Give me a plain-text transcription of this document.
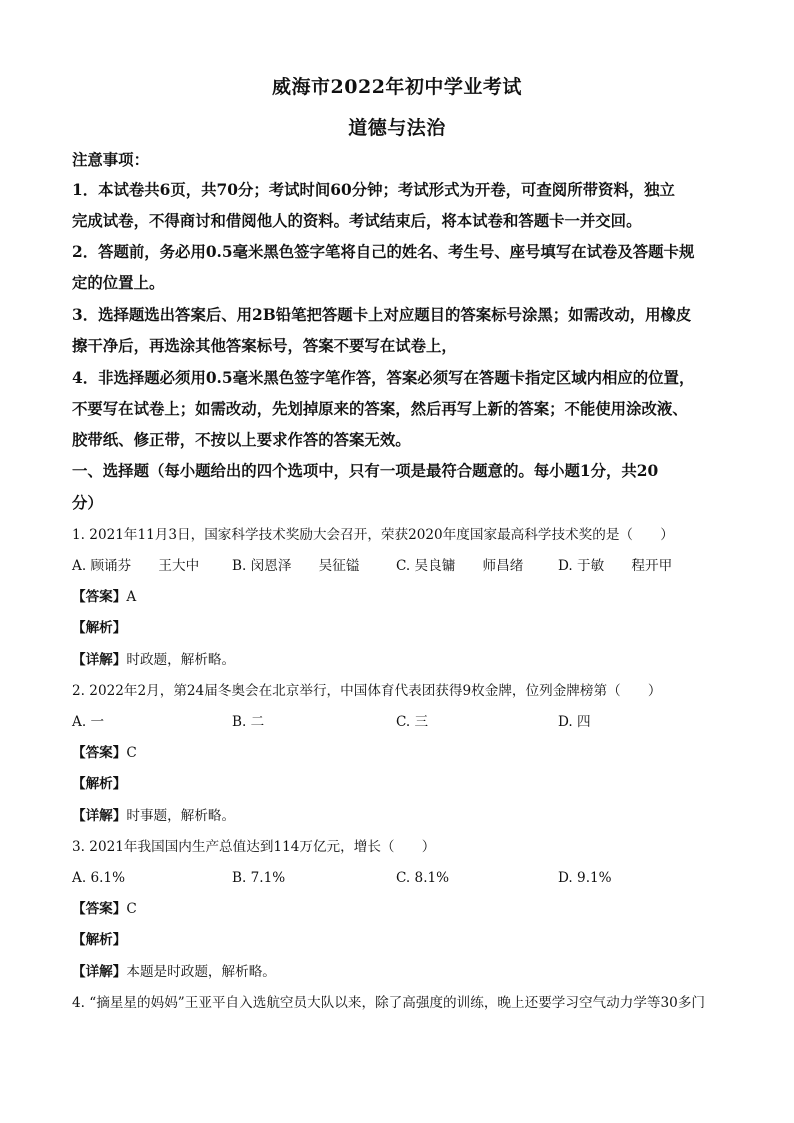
威海市2022年初中学业考试
道德与法治
注意事项：
1．本试卷共6页，共70分；考试时间60分钟；考试形式为开卷，可查阅所带资料，独立
完成试卷，不得商讨和借阅他人的资料。考试结束后，将本试卷和答题卡一并交回。
2．答题前，务必用0.5毫米黑色签字笔将自己的姓名、考生号、座号填写在试卷及答题卡规
定的位置上。
3．选择题选出答案后、用2B铅笔把答题卡上对应题目的答案标号涂黑；如需改动，用橡皮
擦干净后，再选涂其他答案标号，答案不要写在试卷上，
4．非选择题必须用0.5毫米黑色签字笔作答，答案必须写在答题卡指定区域内相应的位置，
不要写在试卷上；如需改动，先划掉原来的答案，然后再写上新的答案；不能使用涂改液、
胶带纸、修正带，不按以上要求作答的答案无效。
一、选择题（每小题给出的四个选项中，只有一项是最符合题意的。每小题1分，共20
分）
1. 2021年11月3日，国家科学技术奖励大会召开，荣获2020年度国家最高科学技术奖的是（　　）
A. 顾诵芬　　王大中 B. 闵恩泽　　吴征镒	C. 吴良镛　　师昌绪	D. 于敏　　程开甲
【答案】A
【解析】
【详解】时政题，解析略。
2. 2022年2月，第24届冬奥会在北京举行，中国体育代表团获得9枚金牌，位列金牌榜第（　　）
A. 一	B. 二	C. 三	D. 四
【答案】C
【解析】
【详解】时事题，解析略。
3. 2021年我国国内生产总值达到114万亿元，增长（　　）
A. 6.1%	B. 7.1%	C. 8.1%	D. 9.1%
【答案】C
【解析】
【详解】本题是时政题，解析略。
4. “摘星星的妈妈”王亚平自入选航空员大队以来，除了高强度的训练，晚上还要学习空气动力学等30多门
